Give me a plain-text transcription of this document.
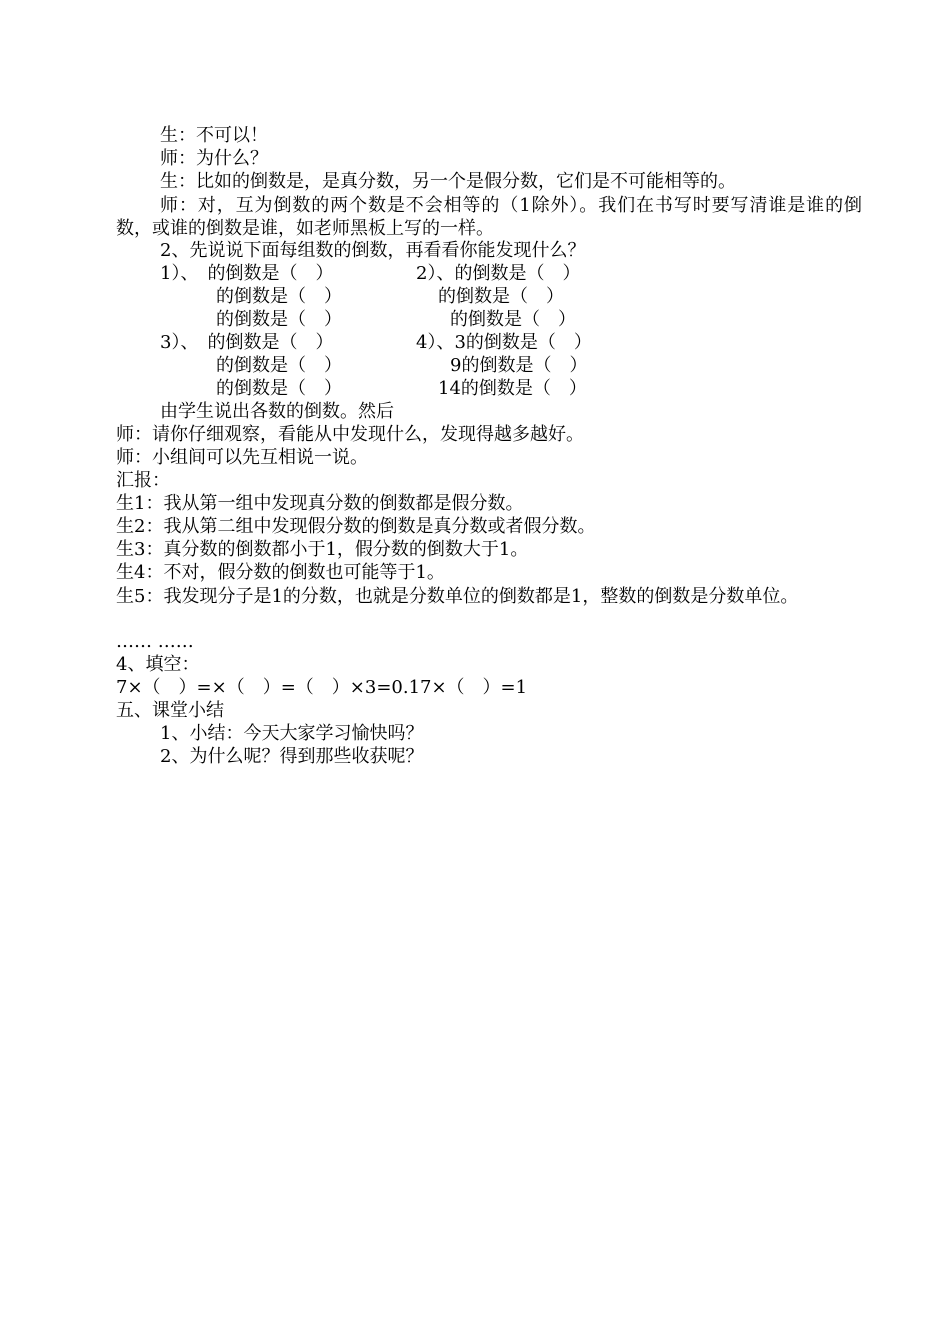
生：不可以！
师：为什么？
生：比如的倒数是，是真分数，另一个是假分数，它们是不可能相等的。
师：对，互为倒数的两个数是不会相等的（1除外）。我们在书写时要写清谁是谁的倒数，或谁的倒数是谁，如老师黑板上写的一样。
2、先说说下面每组数的倒数，再看看你能发现什么？
1）、　的倒数是（　）	2）、的倒数是（　）
的倒数是（　）	的倒数是（　）
的倒数是（　）	的倒数是（　）
3）、　的倒数是（　）	4）、3的倒数是（　）
的倒数是（　）	9的倒数是（　）
的倒数是（　）	14的倒数是（　）
由学生说出各数的倒数。然后
师：请你仔细观察，看能从中发现什么，发现得越多越好。
师：小组间可以先互相说一说。
汇报：
生1：我从第一组中发现真分数的倒数都是假分数。
生2：我从第二组中发现假分数的倒数是真分数或者假分数。
生3：真分数的倒数都小于1，假分数的倒数大于1。
生4：不对，假分数的倒数也可能等于1。
生5：我发现分子是1的分数，也就是分数单位的倒数都是1，整数的倒数是分数单位。
…… ……
4、填空：
7×（　）=×（　）=（　）×3=0.17×（　）=1
五、课堂小结
1、小结：今天大家学习愉快吗？
2、为什么呢？得到那些收获呢？
